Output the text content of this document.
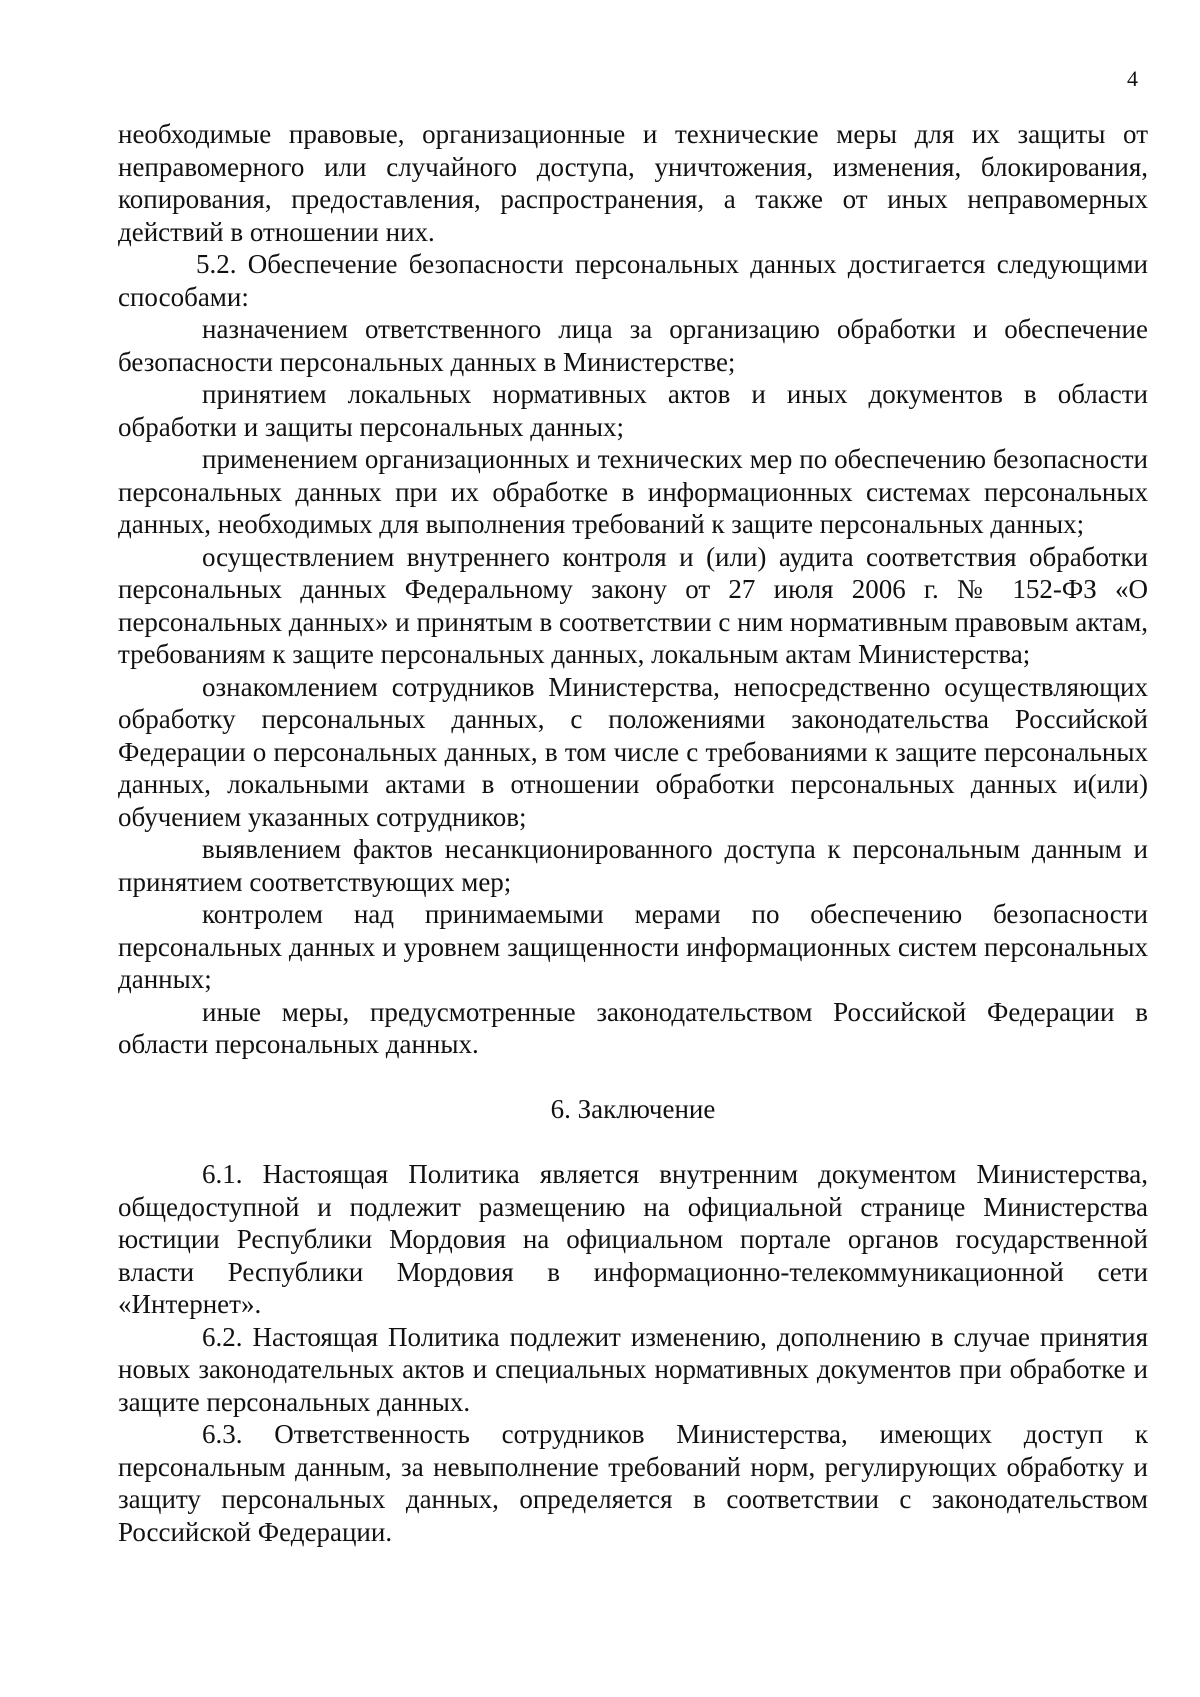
4

необходимые правовые, организационные и технические меры для их защиты от неправомерного или случайного доступа, уничтожения, изменения, блокирования, копирования, предоставления, распространения, а также от иных неправомерных действий в отношении них.

5.2. Обеспечение безопасности персональных данных достигается следующими способами:

назначением ответственного лица за организацию обработки и обеспечение безопасности персональных данных в Министерстве;

принятием локальных нормативных актов и иных документов в области обработки и защиты персональных данных;

применением организационных и технических мер по обеспечению безопасности персональных данных при их обработке в информационных системах персональных данных, необходимых для выполнения требований к защите персональных данных;

осуществлением внутреннего контроля и (или) аудита соответствия обработки персональных данных Федеральному закону от 27 июля 2006 г. № 152-ФЗ «О персональных данных» и принятым в соответствии с ним нормативным правовым актам, требованиям к защите персональных данных, локальным актам Министерства;

ознакомлением сотрудников Министерства, непосредственно осуществляющих обработку персональных данных, с положениями законодательства Российской Федерации о персональных данных, в том числе с требованиями к защите персональных данных, локальными актами в отношении обработки персональных данных и(или) обучением указанных сотрудников;

выявлением фактов несанкционированного доступа к персональным данным и принятием соответствующих мер;

контролем над принимаемыми мерами по обеспечению безопасности персональных данных и уровнем защищенности информационных систем персональных данных;

иные меры, предусмотренные законодательством Российской Федерации в области персональных данных.

6. Заключение

6.1. Настоящая Политика является внутренним документом Министерства, общедоступной и подлежит размещению на официальной странице Министерства юстиции Республики Мордовия на официальном портале органов государственной власти Республики Мордовия в информационно-телекоммуникационной сети «Интернет».

6.2. Настоящая Политика подлежит изменению, дополнению в случае принятия новых законодательных актов и специальных нормативных документов при обработке и защите персональных данных.

6.3. Ответственность сотрудников Министерства, имеющих доступ к персональным данным, за невыполнение требований норм, регулирующих обработку и защиту персональных данных, определяется в соответствии с законодательством Российской Федерации.
